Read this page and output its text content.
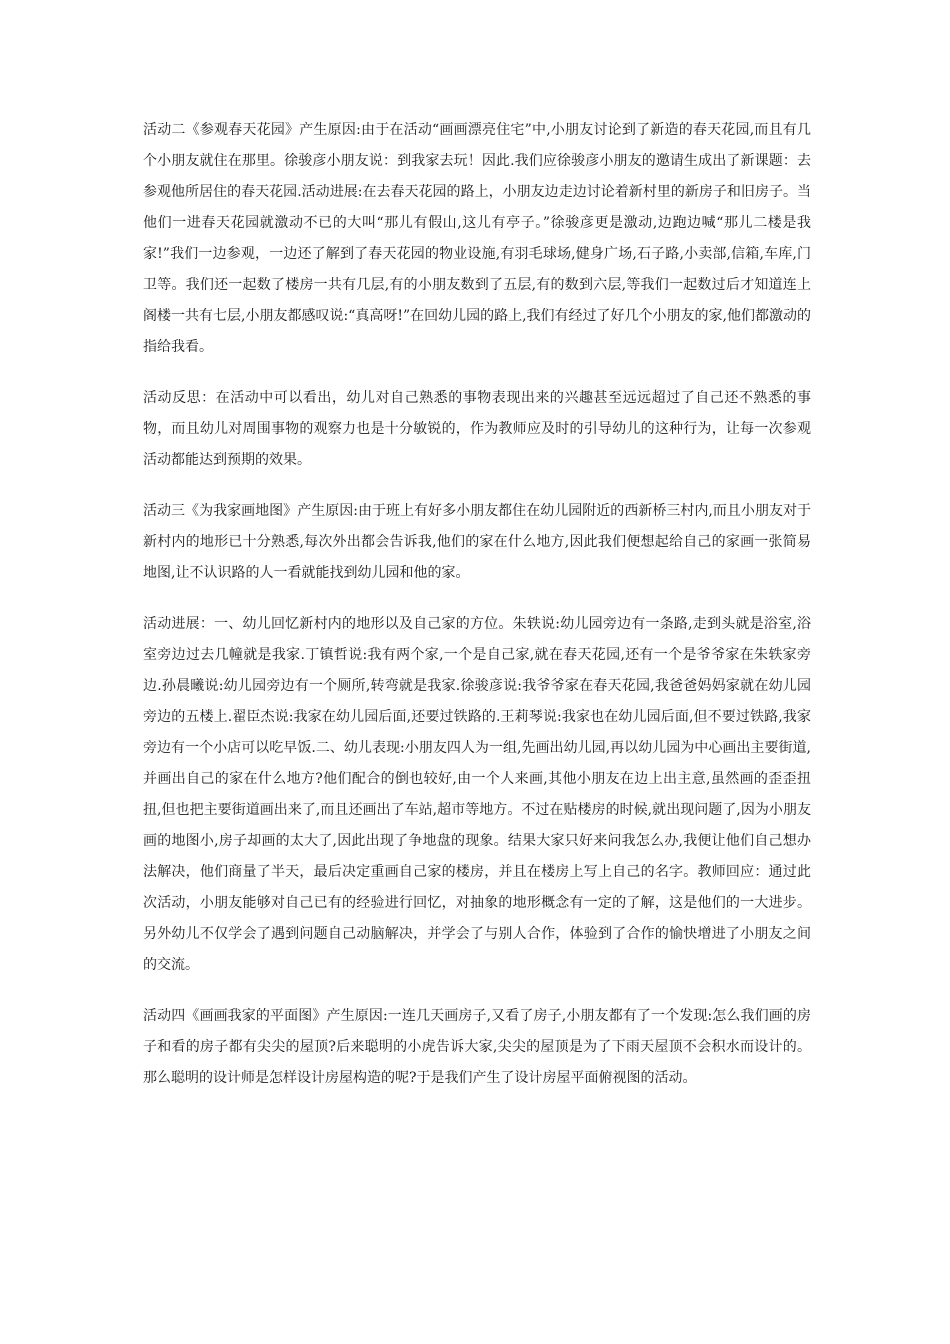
活动二《参观春天花园》产生原因:由于在活动“画画漂亮住宅”中,小朋友讨论到了新造的春天花园,而且有几个小朋友就住在那里。徐骏彦小朋友说：到我家去玩！因此.我们应徐骏彦小朋友的邀请生成出了新课题：去参观他所居住的春天花园.活动进展:在去春天花园的路上，小朋友边走边讨论着新村里的新房子和旧房子。当他们一进春天花园就激动不已的大叫“那儿有假山,这儿有亭子。”徐骏彦更是激动,边跑边喊“那儿二楼是我家!”我们一边参观，一边还了解到了春天花园的物业设施,有羽毛球场,健身广场,石子路,小卖部,信箱,车库,门卫等。我们还一起数了楼房一共有几层,有的小朋友数到了五层,有的数到六层,等我们一起数过后才知道连上阁楼一共有七层,小朋友都感叹说:“真高呀!”在回幼儿园的路上,我们有经过了好几个小朋友的家,他们都激动的指给我看。

活动反思：在活动中可以看出，幼儿对自己熟悉的事物表现出来的兴趣甚至远远超过了自己还不熟悉的事物，而且幼儿对周围事物的观察力也是十分敏锐的，作为教师应及时的引导幼儿的这种行为，让每一次参观活动都能达到预期的效果。

活动三《为我家画地图》产生原因:由于班上有好多小朋友都住在幼儿园附近的西新桥三村内,而且小朋友对于新村内的地形已十分熟悉,每次外出都会告诉我,他们的家在什么地方,因此我们便想起给自己的家画一张简易地图,让不认识路的人一看就能找到幼儿园和他的家。

活动进展：一、幼儿回忆新村内的地形以及自己家的方位。朱轶说:幼儿园旁边有一条路,走到头就是浴室,浴室旁边过去几幢就是我家.丁镇哲说:我有两个家,一个是自己家,就在春天花园,还有一个是爷爷家在朱轶家旁边.孙晨曦说:幼儿园旁边有一个厕所,转弯就是我家.徐骏彦说:我爷爷家在春天花园,我爸爸妈妈家就在幼儿园旁边的五楼上.翟臣杰说:我家在幼儿园后面,还要过铁路的.王莉琴说:我家也在幼儿园后面,但不要过铁路,我家旁边有一个小店可以吃早饭.二、幼儿表现:小朋友四人为一组,先画出幼儿园,再以幼儿园为中心画出主要街道,并画出自己的家在什么地方?他们配合的倒也较好,由一个人来画,其他小朋友在边上出主意,虽然画的歪歪扭扭,但也把主要街道画出来了,而且还画出了车站,超市等地方。不过在贴楼房的时候,就出现问题了,因为小朋友画的地图小,房子却画的太大了,因此出现了争地盘的现象。结果大家只好来问我怎么办,我便让他们自己想办法解决，他们商量了半天，最后决定重画自己家的楼房，并且在楼房上写上自己的名字。教师回应：通过此次活动，小朋友能够对自己已有的经验进行回忆，对抽象的地形概念有一定的了解，这是他们的一大进步。另外幼儿不仅学会了遇到问题自己动脑解决，并学会了与别人合作，体验到了合作的愉快增进了小朋友之间的交流。

活动四《画画我家的平面图》产生原因:一连几天画房子,又看了房子,小朋友都有了一个发现:怎么我们画的房子和看的房子都有尖尖的屋顶?后来聪明的小虎告诉大家,尖尖的屋顶是为了下雨天屋顶不会积水而设计的。那么聪明的设计师是怎样设计房屋构造的呢?于是我们产生了设计房屋平面俯视图的活动。
